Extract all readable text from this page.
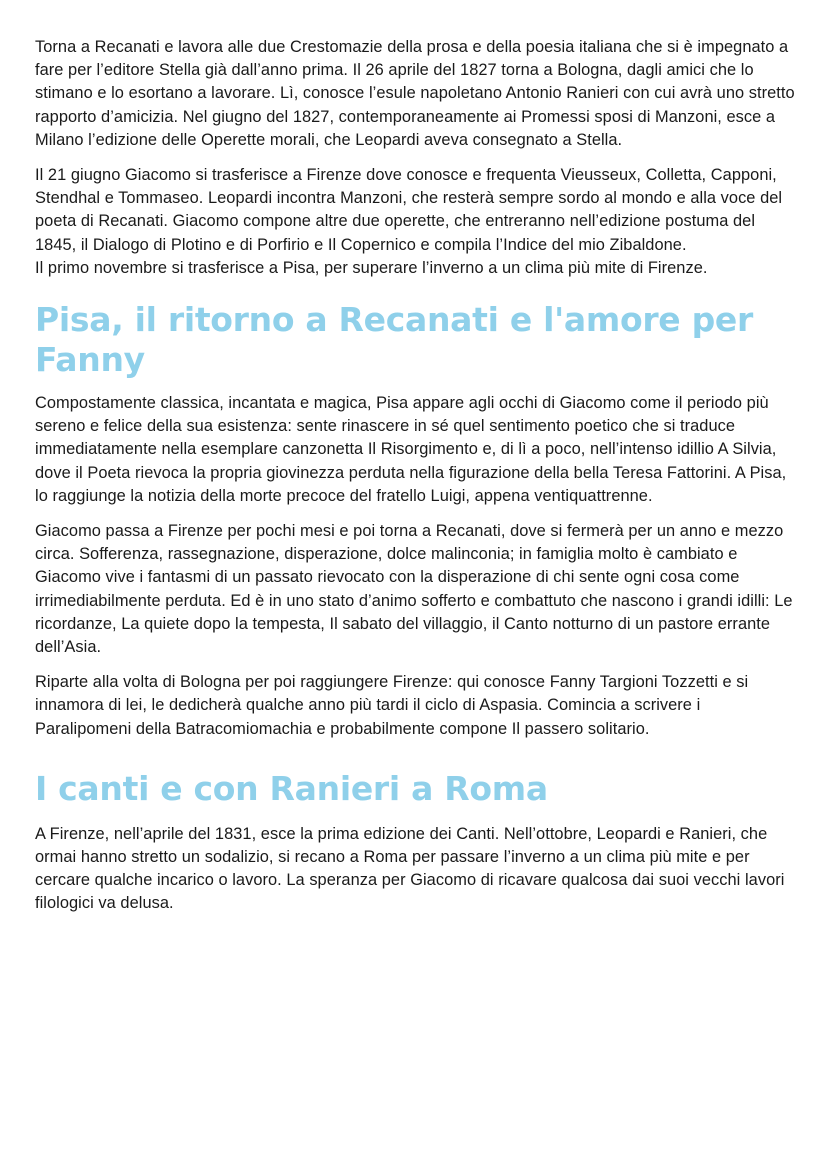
Torna a Recanati e lavora alle due Crestomazie della prosa e della poesia italiana che si è impegnato a fare per l’editore Stella già dall’anno prima. Il 26 aprile del 1827 torna a Bologna, dagli amici che lo stimano e lo esortano a lavorare. Lì, conosce l’esule napoletano Antonio Ranieri con cui avrà uno stretto rapporto d’amicizia. Nel giugno del 1827, contemporaneamente ai Promessi sposi di Manzoni, esce a Milano l’edizione delle Operette morali, che Leopardi aveva consegnato a Stella.

Il 21 giugno Giacomo si trasferisce a Firenze dove conosce e frequenta Vieusseux, Colletta, Capponi, Stendhal e Tommaseo. Leopardi incontra Manzoni, che resterà sempre sordo al mondo e alla voce del poeta di Recanati. Giacomo compone altre due operette, che entreranno nell’edizione postuma del 1845, il Dialogo di Plotino e di Porfirio e Il Copernico e compila l’Indice del mio Zibaldone.

Il primo novembre si trasferisce a Pisa, per superare l’inverno a un clima più mite di Firenze.

Pisa, il ritorno a Recanati e l'amore per Fanny

Compostamente classica, incantata e magica, Pisa appare agli occhi di Giacomo come il periodo più sereno e felice della sua esistenza: sente rinascere in sé quel sentimento poetico che si traduce immediatamente nella esemplare canzonetta Il Risorgimento e, di lì a poco, nell’intenso idillio A Silvia, dove il Poeta rievoca la propria giovinezza perduta nella figurazione della bella Teresa Fattorini. A Pisa, lo raggiunge la notizia della morte precoce del fratello Luigi, appena ventiquattrenne.

Giacomo passa a Firenze per pochi mesi e poi torna a Recanati, dove si fermerà per un anno e mezzo circa. Sofferenza, rassegnazione, disperazione, dolce malinconia; in famiglia molto è cambiato e Giacomo vive i fantasmi di un passato rievocato con la disperazione di chi sente ogni cosa come irrimediabilmente perduta. Ed è in uno stato d’animo sofferto e combattuto che nascono i grandi idilli: Le ricordanze, La quiete dopo la tempesta, Il sabato del villaggio, il Canto notturno di un pastore errante dell’Asia.

Riparte alla volta di Bologna per poi raggiungere Firenze: qui conosce Fanny Targioni Tozzetti e si innamora di lei, le dedicherà qualche anno più tardi il ciclo di Aspasia. Comincia a scrivere i Paralipomeni della Batracomiomachia e probabilmente compone Il passero solitario.

I canti e con Ranieri a Roma

A Firenze, nell’aprile del 1831, esce la prima edizione dei Canti. Nell’ottobre, Leopardi e Ranieri, che ormai hanno stretto un sodalizio, si recano a Roma per passare l’inverno a un clima più mite e per cercare qualche incarico o lavoro. La speranza per Giacomo di ricavare qualcosa dai suoi vecchi lavori filologici va delusa.
